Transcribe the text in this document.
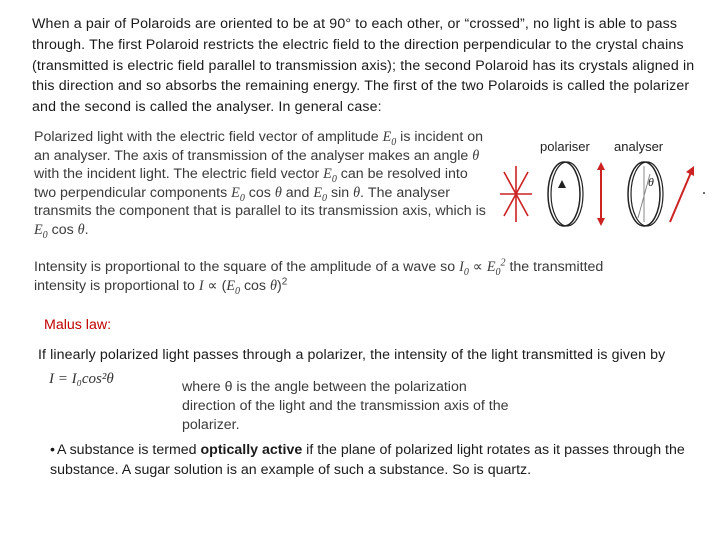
When a pair of Polaroids are oriented to be at 90° to each other, or “crossed”, no light is able to pass through. The first Polaroid restricts the electric field to the direction perpendicular to the crystal chains (transmitted is electric field parallel to transmission axis); the second Polaroid has its crystals aligned in this direction and so absorbs the remaining energy. The first of the two Polaroids is called the polarizer and the second is called the analyser. In general case:

Polarized light with the electric field vector of amplitude $E_0$ is incident on an analyser. The axis of transmission of the analyser makes an angle θ with the incident light. The electric field vector $E_0$ can be resolved into two perpendicular components $E_0$ cos θ and $E_0$ sin θ. The analyser transmits the component that is parallel to its transmission axis, which is $E_0$ cos θ.

Intensity is proportional to the square of the amplitude of a wave so $I_0 \propto E_0^2$ the transmitted intensity is proportional to $I \propto (E_0$ cos θ)$^2$

polariser analyser
θ

Malus law:

If linearly polarized light passes through a polarizer, the intensity of the light transmitted is given by

I = I₀cos²θ	where θ is the angle between the polarization direction of the light and the transmission axis of the polarizer.

• A substance is termed optically active if the plane of polarized light rotates as it passes through the substance. A sugar solution is an example of such a substance. So is quartz.
